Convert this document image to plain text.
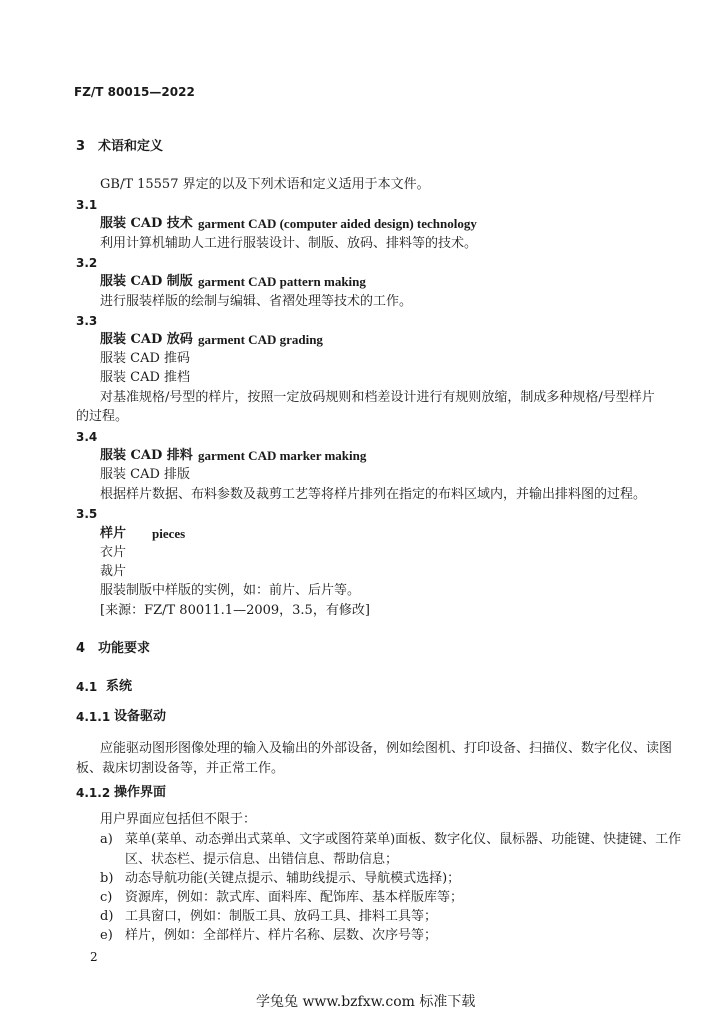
FZ/T 80015—2022
3 术语和定义
GB/T 15557 界定的以及下列术语和定义适用于本文件。
3.1
服装 CAD 技术 garment CAD (computer aided design) technology
利用计算机辅助人工进行服装设计、制版、放码、排料等的技术。
3.2
服装 CAD 制版 garment CAD pattern making
进行服装样版的绘制与编辑、省褶处理等技术的工作。
3.3
服装 CAD 放码 garment CAD grading
服装 CAD 推码
服装 CAD 推档
对基准规格/号型的样片，按照一定放码规则和档差设计进行有规则放缩，制成多种规格/号型样片
的过程。
3.4
服装 CAD 排料 garment CAD marker making
服装 CAD 排版
根据样片数据、布料参数及裁剪工艺等将样片排列在指定的布料区域内，并输出排料图的过程。
3.5
样片 pieces
衣片
裁片
服装制版中样版的实例，如：前片、后片等。
[来源：FZ/T 80011.1—2009，3.5，有修改]
4 功能要求
4.1 系统
4.1.1 设备驱动
应能驱动图形图像处理的输入及输出的外部设备，例如绘图机、打印设备、扫描仪、数字化仪、读图
板、裁床切割设备等，并正常工作。
4.1.2 操作界面
用户界面应包括但不限于：
a) 菜单(菜单、动态弹出式菜单、文字或图符菜单)面板、数字化仪、鼠标器、功能键、快捷键、工作
区、状态栏、提示信息、出错信息、帮助信息；
b) 动态导航功能(关键点提示、辅助线提示、导航模式选择)；
c) 资源库，例如：款式库、面料库、配饰库、基本样版库等；
d) 工具窗口，例如：制版工具、放码工具、排料工具等；
e) 样片，例如：全部样片、样片名称、层数、次序号等；
2
学兔兔 www.bzfxw.com 标准下载
